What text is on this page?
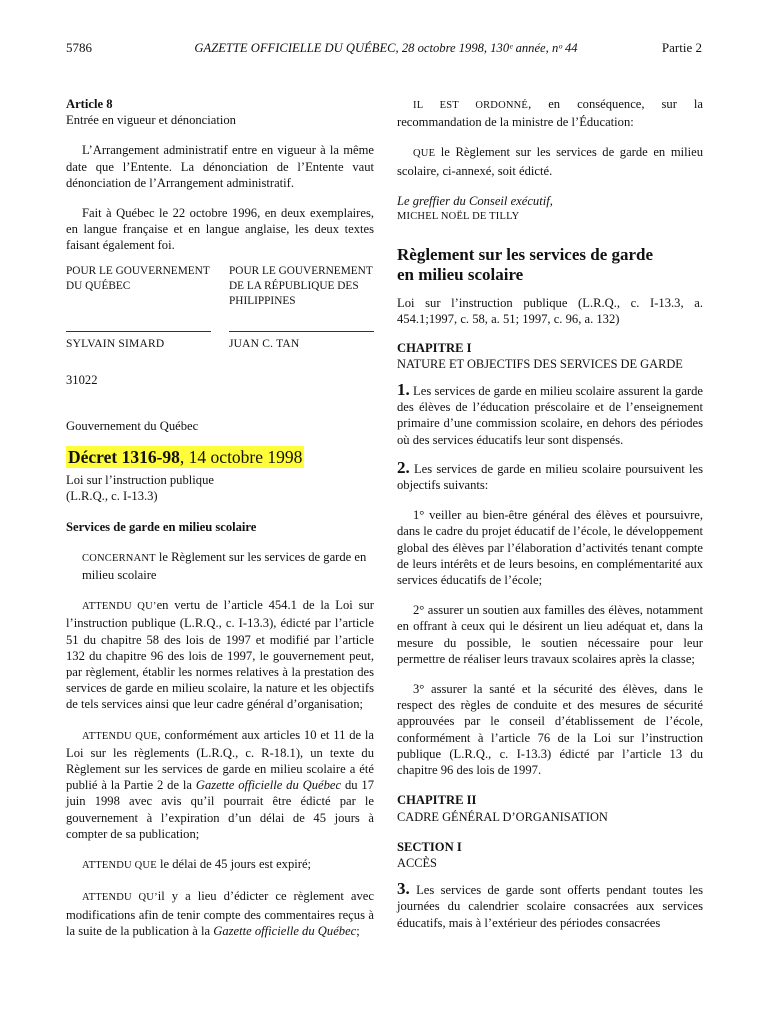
5786	GAZETTE OFFICIELLE DU QUÉBEC, 28 octobre 1998, 130ᵉ année, nᵒ 44	Partie 2

Article 8

Entrée en vigueur et dénonciation

L’Arrangement administratif entre en vigueur à la même date que l’Entente. La dénonciation de l’Entente vaut dénonciation de l’Arrangement administratif.

Fait à Québec le 22 octobre 1996, en deux exemplaires, en langue française et en langue anglaise, les deux textes faisant également foi.

POUR LE GOUVERNEMENT
DU QUÉBEC
POUR LE GOUVERNEMENT
DE LA RÉPUBLIQUE DES
PHILIPPINES
SYLVAIN SIMARD	JUAN C. TAN

31022

Gouvernement du Québec

Décret 1316-98, 14 octobre 1998

Loi sur l’instruction publique

(L.R.Q., c. I-13.3)

Services de garde en milieu scolaire

CONCERNANT le Règlement sur les services de garde en milieu scolaire

ATTENDU QU’en vertu de l’article 454.1 de la Loi sur l’instruction publique (L.R.Q., c. I-13.3), édicté par l’article 51 du chapitre 58 des lois de 1997 et modifié par l’article 132 du chapitre 96 des lois de 1997, le gouvernement peut, par règlement, établir les normes relatives à la prestation des services de garde en milieu scolaire, la nature et les objectifs de tels services ainsi que leur cadre général d’organisation;

ATTENDU QUE, conformément aux articles 10 et 11 de la Loi sur les règlements (L.R.Q., c. R-18.1), un texte du Règlement sur les services de garde en milieu scolaire a été publié à la Partie 2 de la Gazette officielle du Québec du 17 juin 1998 avec avis qu’il pourrait être édicté par le gouvernement à l’expiration d’un délai de 45 jours à compter de sa publication;

ATTENDU QUE le délai de 45 jours est expiré;

ATTENDU QU’il y a lieu d’édicter ce règlement avec modifications afin de tenir compte des commentaires reçus à la suite de la publication à la Gazette officielle du Québec;

IL EST ORDONNÉ, en conséquence, sur la recommandation de la ministre de l’Éducation:

QUE le Règlement sur les services de garde en milieu scolaire, ci-annexé, soit édicté.

Le greffier du Conseil exécutif,

MICHEL NOËL DE TILLY

Règlement sur les services de garde

en milieu scolaire

Loi sur l’instruction publique (L.R.Q., c. I-13.3, a. 454.1;1997, c. 58, a. 51; 1997, c. 96, a. 132)

CHAPITRE I

NATURE ET OBJECTIFS DES SERVICES DE GARDE

1. Les services de garde en milieu scolaire assurent la garde des élèves de l’éducation préscolaire et de l’enseignement primaire d’une commission scolaire, en dehors des périodes où des services éducatifs leur sont dispensés.

2. Les services de garde en milieu scolaire poursuivent les objectifs suivants:

1° veiller au bien-être général des élèves et poursuivre, dans le cadre du projet éducatif de l’école, le développement global des élèves par l’élaboration d’activités tenant compte de leurs intérêts et de leurs besoins, en complémentarité aux services éducatifs de l’école;

2° assurer un soutien aux familles des élèves, notamment en offrant à ceux qui le désirent un lieu adéquat et, dans la mesure du possible, le soutien nécessaire pour leur permettre de réaliser leurs travaux scolaires après la classe;

3° assurer la santé et la sécurité des élèves, dans le respect des règles de conduite et des mesures de sécurité approuvées par le conseil d’établissement de l’école, conformément à l’article 76 de la Loi sur l’instruction publique (L.R.Q., c. I-13.3) édicté par l’article 13 du chapitre 96 des lois de 1997.

CHAPITRE II

CADRE GÉNÉRAL D’ORGANISATION

SECTION I

ACCÈS

3. Les services de garde sont offerts pendant toutes les journées du calendrier scolaire consacrées aux services éducatifs, mais à l’extérieur des périodes consacrées
